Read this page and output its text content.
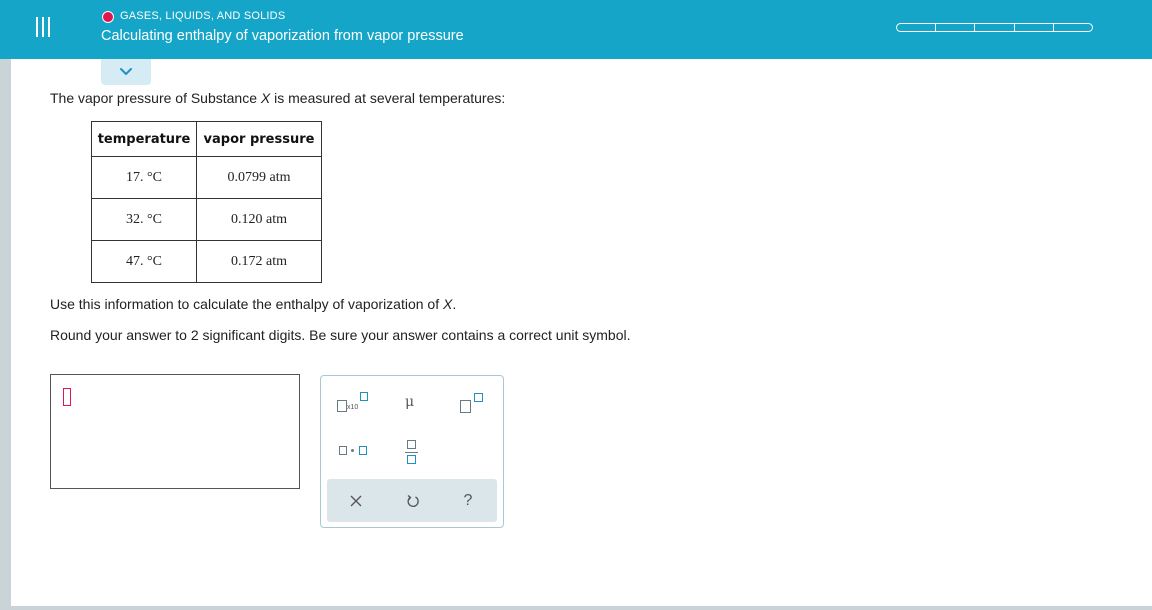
GASES, LIQUIDS, AND SOLIDS
Calculating enthalpy of vaporization from vapor pressure
The vapor pressure of Substance X is measured at several temperatures:
temperature	vapor pressure
17. °C	0.0799 atm
32. °C	0.120 atm
47. °C	0.172 atm
Use this information to calculate the enthalpy of vaporization of X.
Round your answer to 2 significant digits. Be sure your answer contains a correct unit symbol.
x10	μ
?
